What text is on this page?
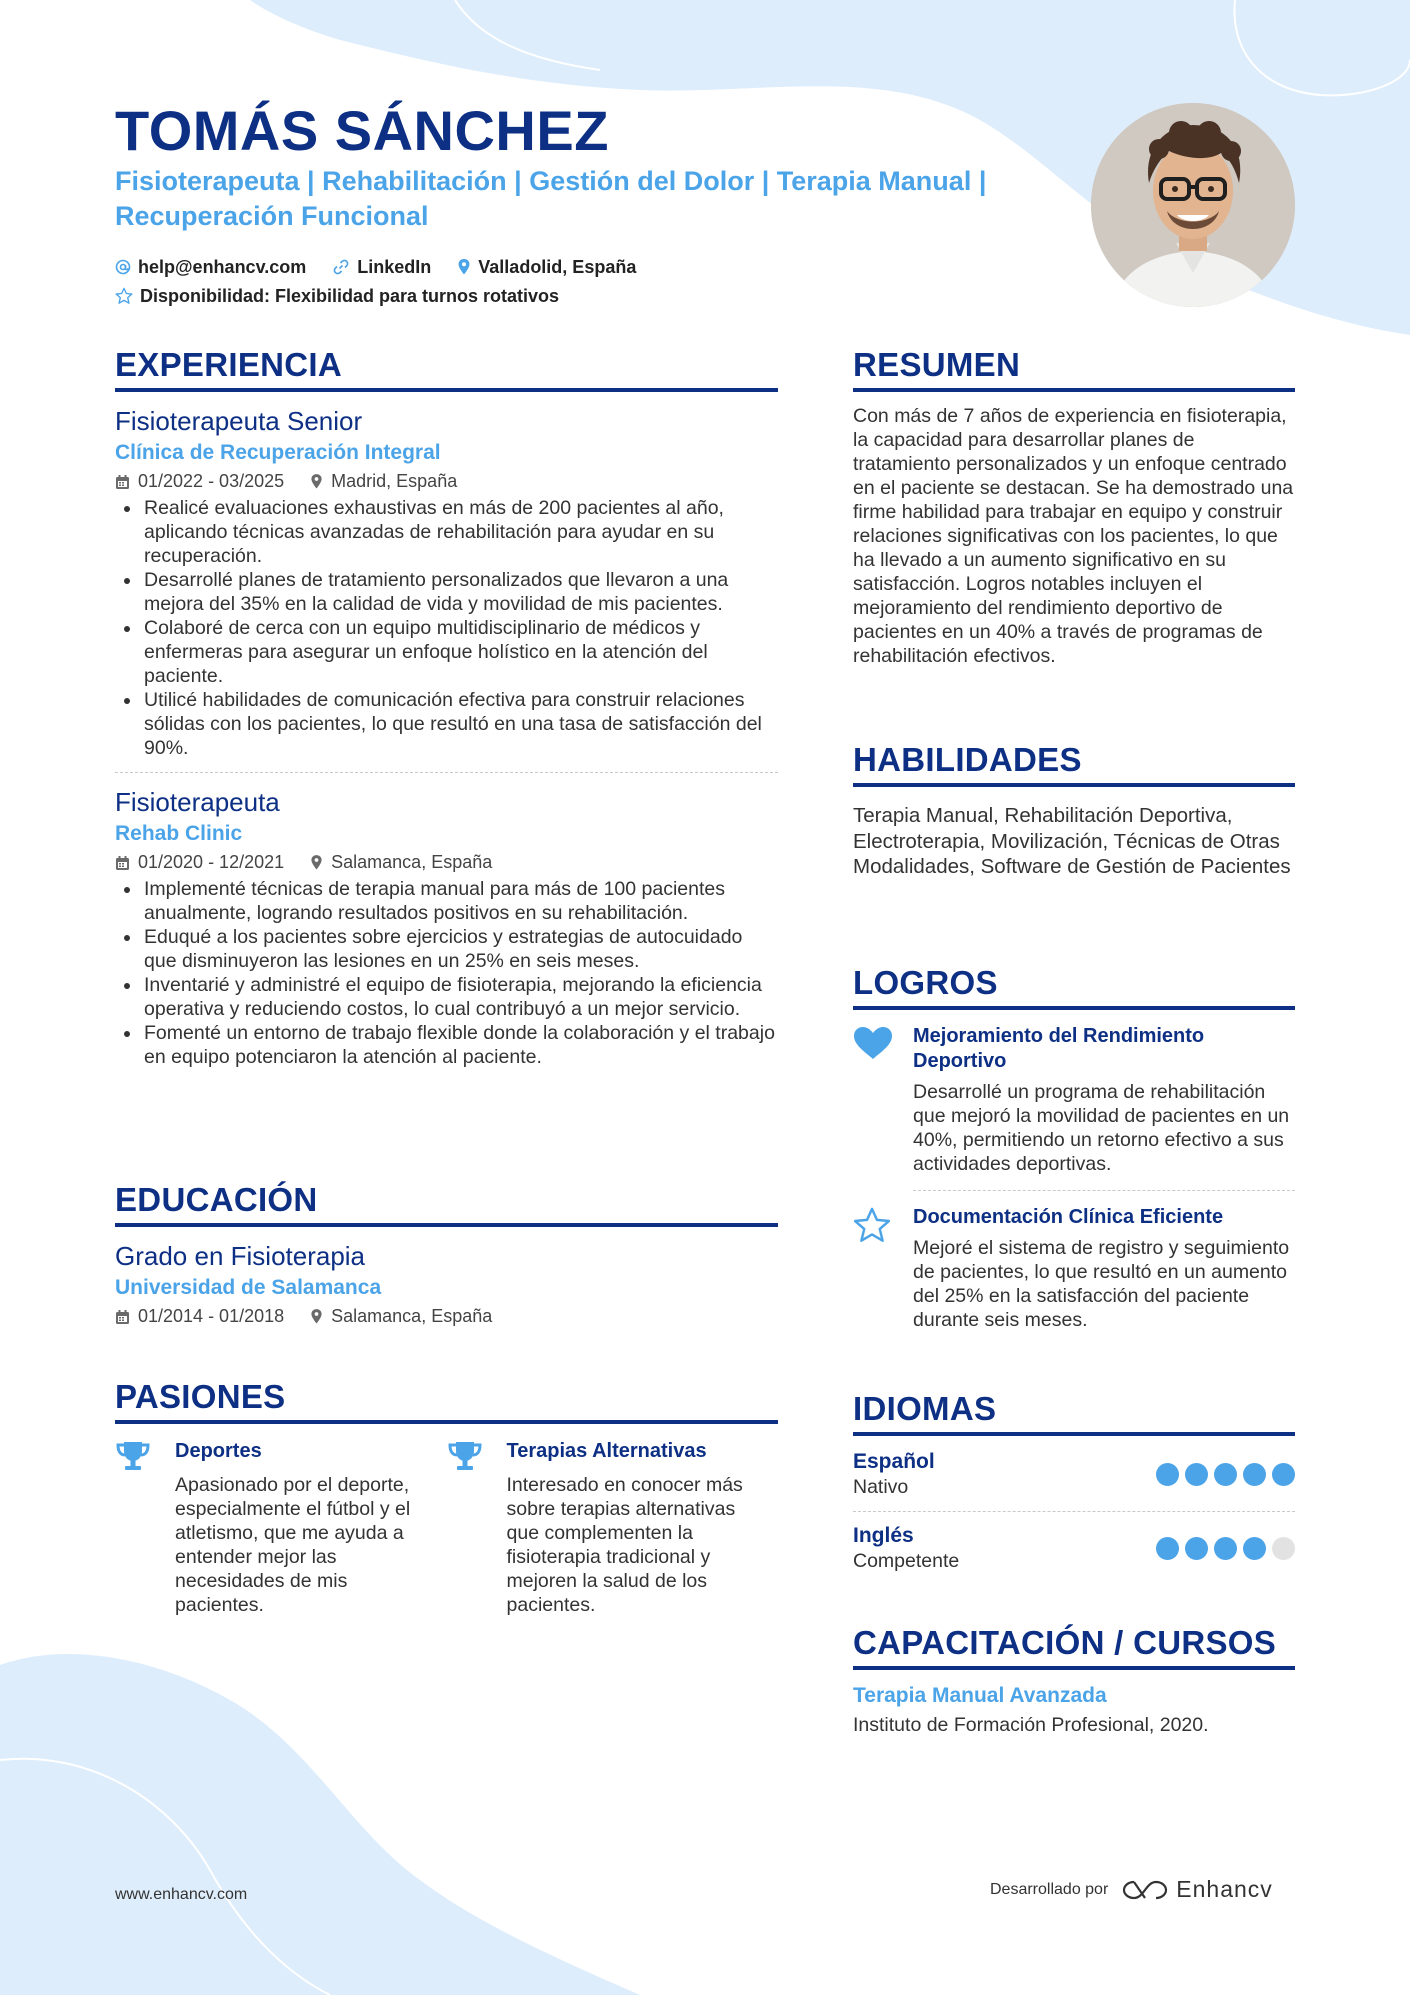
TOMÁS SÁNCHEZ

Fisioterapeuta | Rehabilitación | Gestión del Dolor | Terapia Manual | Recuperación Funcional

help@enhancv.com	LinkedIn	Valladolid, España
Disponibilidad: Flexibilidad para turnos rotativos
EXPERIENCIA

Fisioterapeuta Senior

Clínica de Recuperación Integral

01/2022 - 03/2025	Madrid, España
• Realicé evaluaciones exhaustivas en más de 200 pacientes al año, aplicando técnicas avanzadas de rehabilitación para ayudar en su recuperación.
• Desarrollé planes de tratamiento personalizados que llevaron a una mejora del 35% en la calidad de vida y movilidad de mis pacientes.
• Colaboré de cerca con un equipo multidisciplinario de médicos y enfermeras para asegurar un enfoque holístico en la atención del paciente.
• Utilicé habilidades de comunicación efectiva para construir relaciones sólidas con los pacientes, lo que resultó en una tasa de satisfacción del 90%.

Fisioterapeuta

Rehab Clinic

01/2020 - 12/2021	Salamanca, España
• Implementé técnicas de terapia manual para más de 100 pacientes anualmente, logrando resultados positivos en su rehabilitación.
• Eduqué a los pacientes sobre ejercicios y estrategias de autocuidado que disminuyeron las lesiones en un 25% en seis meses.
• Inventarié y administré el equipo de fisioterapia, mejorando la eficiencia operativa y reduciendo costos, lo cual contribuyó a un mejor servicio.
• Fomenté un entorno de trabajo flexible donde la colaboración y el trabajo en equipo potenciaron la atención al paciente.
EDUCACIÓN

Grado en Fisioterapia

Universidad de Salamanca

01/2014 - 01/2018	Salamanca, España
PASIONES

Deportes

Apasionado por el deporte, especialmente el fútbol y el atletismo, que me ayuda a entender mejor las necesidades de mis pacientes.

Terapias Alternativas

Interesado en conocer más sobre terapias alternativas que complementen la fisioterapia tradicional y mejoren la salud de los pacientes.

RESUMEN

Con más de 7 años de experiencia en fisioterapia, la capacidad para desarrollar planes de tratamiento personalizados y un enfoque centrado en el paciente se destacan. Se ha demostrado una firme habilidad para trabajar en equipo y construir relaciones significativas con los pacientes, lo que ha llevado a un aumento significativo en su satisfacción. Logros notables incluyen el mejoramiento del rendimiento deportivo de pacientes en un 40% a través de programas de rehabilitación efectivos.

HABILIDADES

Terapia Manual, Rehabilitación Deportiva, Electroterapia, Movilización, Técnicas de Otras Modalidades, Software de Gestión de Pacientes

LOGROS

Mejoramiento del Rendimiento Deportivo

Desarrollé un programa de rehabilitación que mejoró la movilidad de pacientes en un 40%, permitiendo un retorno efectivo a sus actividades deportivas.

Documentación Clínica Eficiente

Mejoré el sistema de registro y seguimiento de pacientes, lo que resultó en un aumento del 25% en la satisfacción del paciente durante seis meses.

IDIOMAS

Español

Nativo

Inglés

Competente

CAPACITACIÓN / CURSOS

Terapia Manual Avanzada

Instituto de Formación Profesional, 2020.

www.enhancv.com	Desarrollado por	Enhancv
